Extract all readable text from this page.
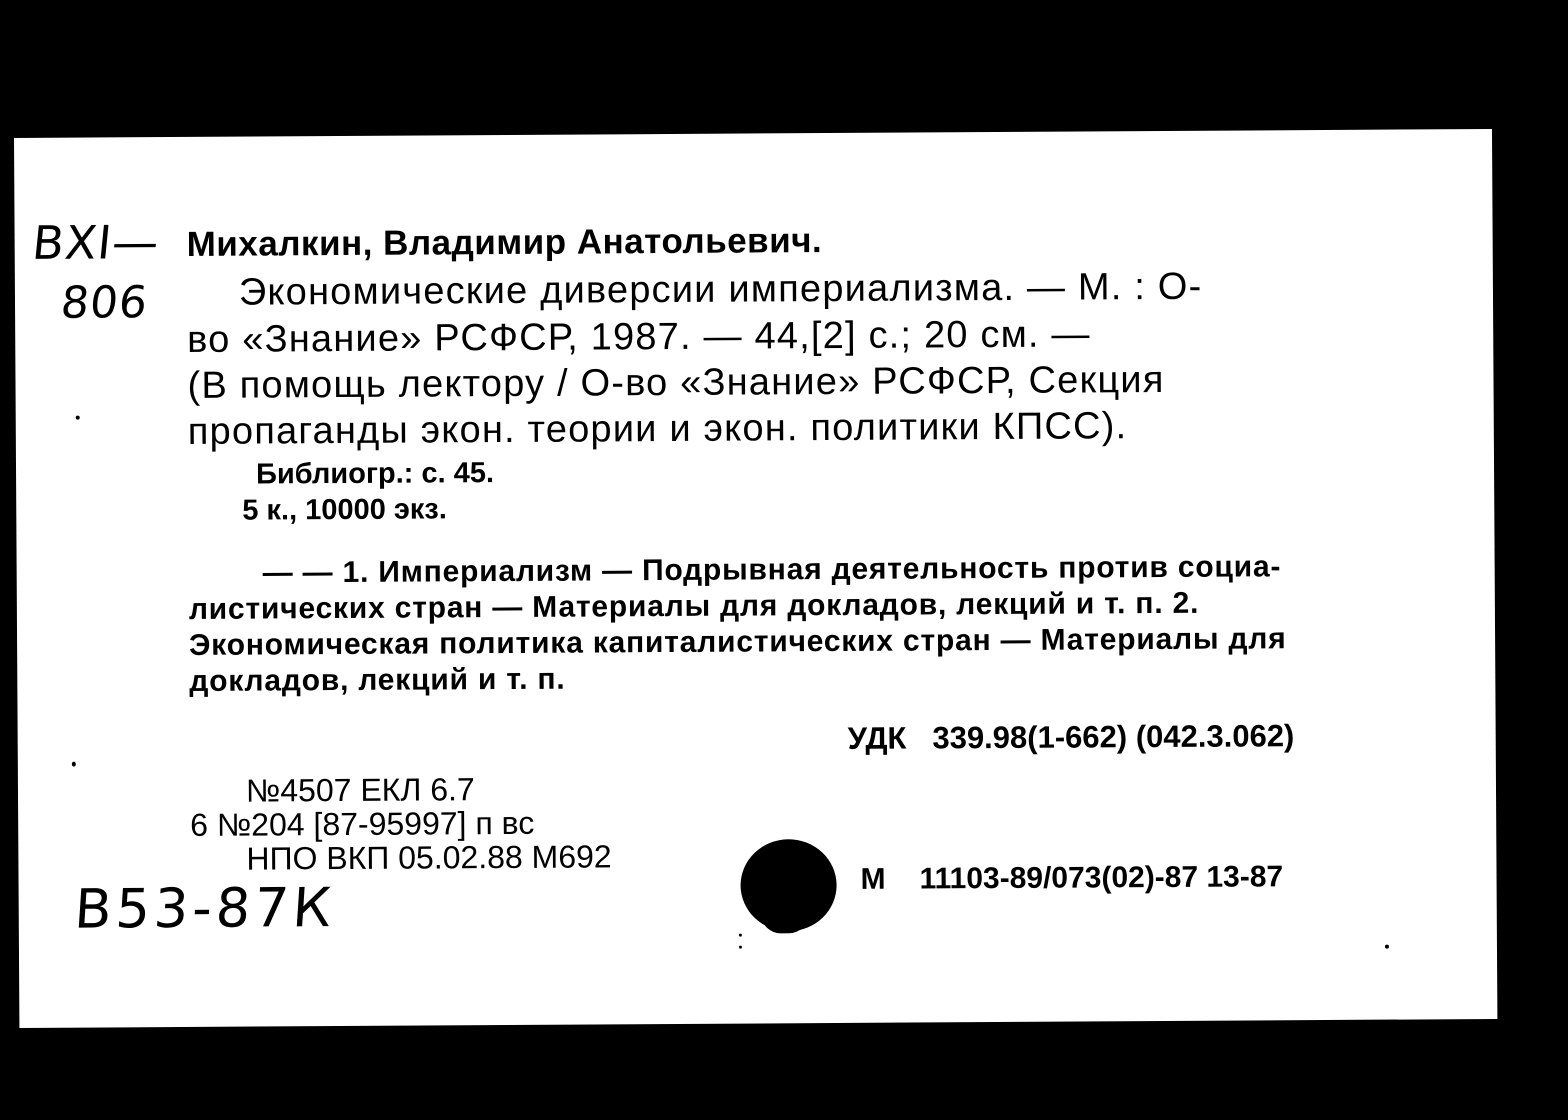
ВХI—
806
Михалкин, Владимир Анатольевич.
Экономические диверсии империализма. — М. : О-
во «Знание» РСФСР, 1987. — 44,[2] с.; 20 см. —
(В помощь лектору / О-во «Знание» РСФСР, Секция
пропаганды экон. теории и экон. политики КПСС).
Библиогр.: с. 45.
5 к., 10000 экз.
— — 1. Империализм — Подрывная деятельность против социа-
листических стран — Материалы для докладов, лекций и т. п. 2.
Экономическая политика капиталистических стран — Материалы для
докладов, лекций и т. п.
УДК 339.98(1-662) (042.3.062)
№4507 ЕКЛ 6.7
6 №204 [87-95997] п вс
НПО ВКП 05.02.88 М692
М 11103-89/073(02)-87 13-87
В53-87К
